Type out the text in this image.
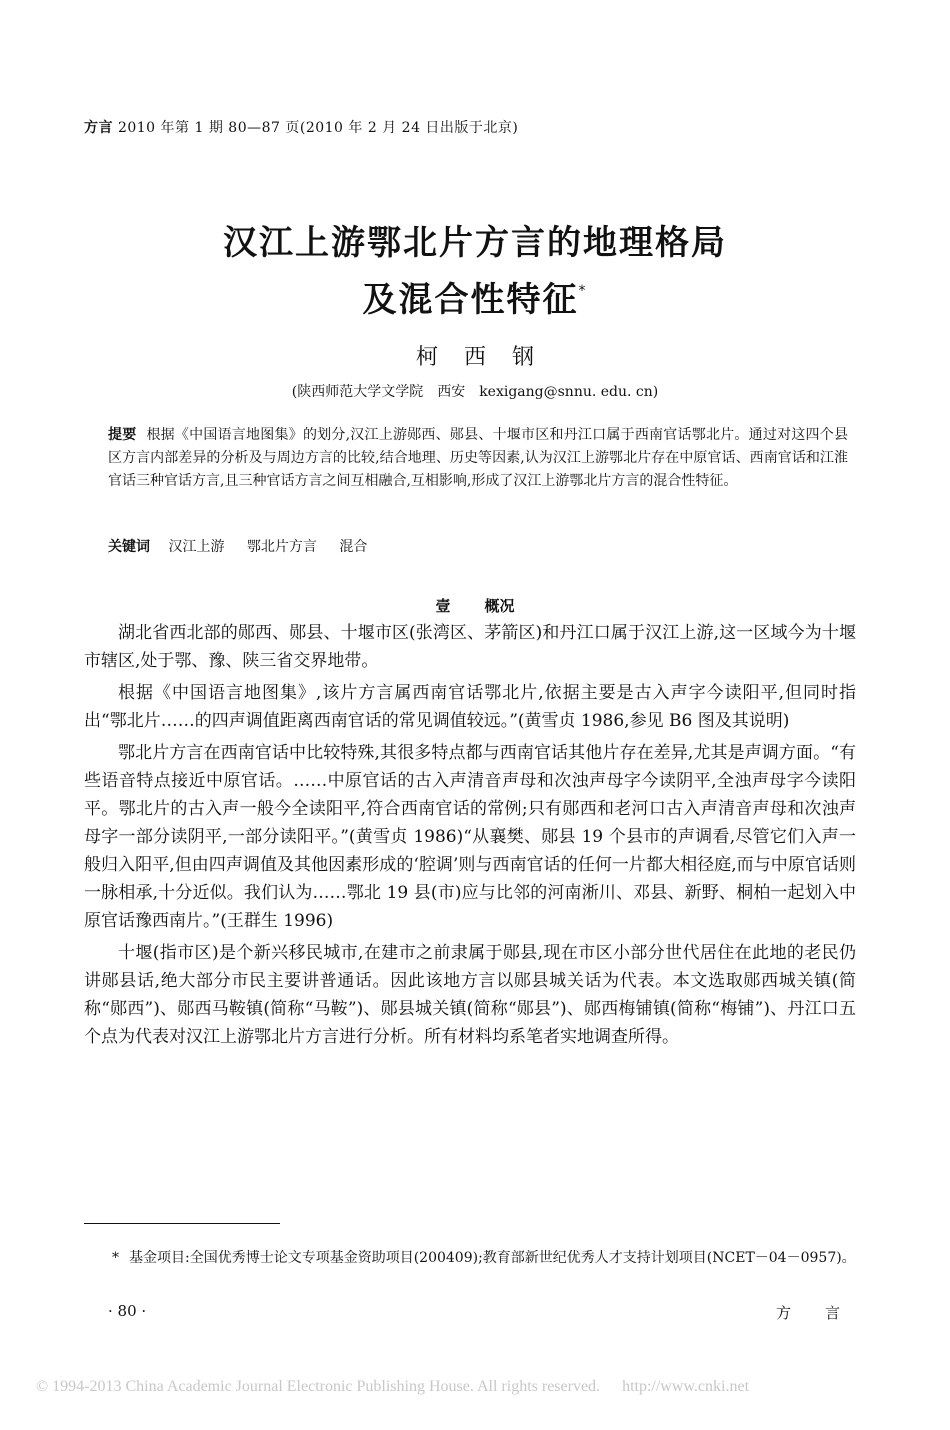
方言 2010 年第 1 期 80—87 页(2010 年 2 月 24 日出版于北京)
汉江上游鄂北片方言的地理格局
及混合性特征*
柯西钢
(陕西师范大学文学院　西安　kexigang@snnu. edu. cn)
提要 根据《中国语言地图集》的划分,汉江上游郧西、郧县、十堰市区和丹江口属于西南官话鄂北片。通过对这四个县区方言内部差异的分析及与周边方言的比较,结合地理、历史等因素,认为汉江上游鄂北片存在中原官话、西南官话和江淮官话三种官话方言,且三种官话方言之间互相融合,互相影响,形成了汉江上游鄂北片方言的混合性特征。
关键词 汉江上游 鄂北片方言 混合
壹 概况

湖北省西北部的郧西、郧县、十堰市区(张湾区、茅箭区)和丹江口属于汉江上游,这一区域今为十堰市辖区,处于鄂、豫、陕三省交界地带。

根据《中国语言地图集》,该片方言属西南官话鄂北片,依据主要是古入声字今读阳平,但同时指出“鄂北片……的四声调值距离西南官话的常见调值较远。”(黄雪贞 1986,参见 B6 图及其说明)

鄂北片方言在西南官话中比较特殊,其很多特点都与西南官话其他片存在差异,尤其是声调方面。“有些语音特点接近中原官话。……中原官话的古入声清音声母和次浊声母字今读阴平,全浊声母字今读阳平。鄂北片的古入声一般今全读阳平,符合西南官话的常例;只有郧西和老河口古入声清音声母和次浊声母字一部分读阴平,一部分读阳平。”(黄雪贞 1986)“从襄樊、郧县 19 个县市的声调看,尽管它们入声一般归入阳平,但由四声调值及其他因素形成的‘腔调’则与西南官话的任何一片都大相径庭,而与中原官话则一脉相承,十分近似。我们认为……鄂北 19 县(市)应与比邻的河南淅川、邓县、新野、桐柏一起划入中原官话豫西南片。”(王群生 1996)

十堰(指市区)是个新兴移民城市,在建市之前隶属于郧县,现在市区小部分世代居住在此地的老民仍讲郧县话,绝大部分市民主要讲普通话。因此该地方言以郧县城关话为代表。本文选取郧西城关镇(简称“郧西”)、郧西马鞍镇(简称“马鞍”)、郧县城关镇(简称“郧县”)、郧西梅铺镇(简称“梅铺”)、丹江口五个点为代表对汉江上游鄂北片方言进行分析。所有材料均系笔者实地调查所得。

* 基金项目:全国优秀博士论文专项基金资助项目(200409);教育部新世纪优秀人才支持计划项目(NCET－04－0957)。
· 80 ·	方言
© 1994-2013 China Academic Journal Electronic Publishing House. All rights reserved. http://www.cnki.net
